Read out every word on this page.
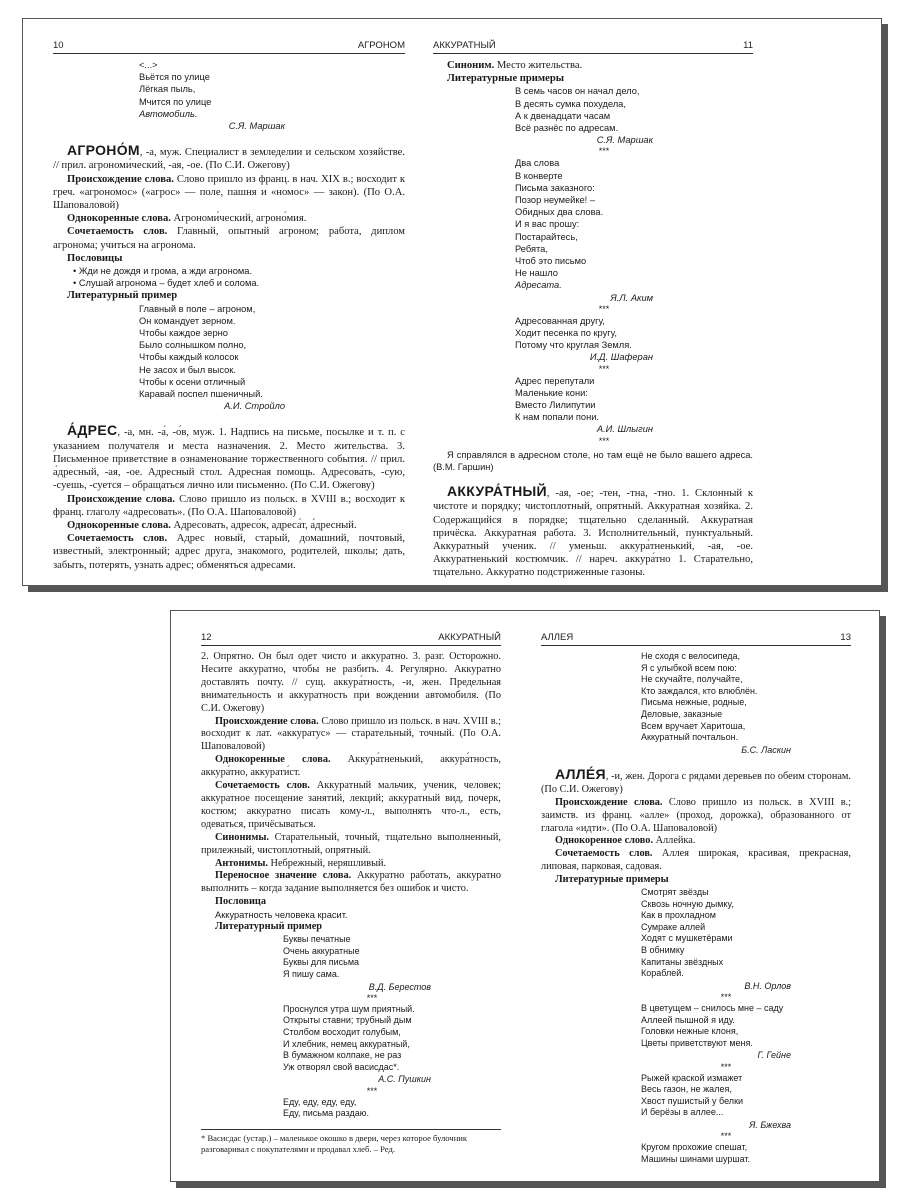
10	АГРОНОМ
<...>
Вьётся по улице
Лёгкая пыль,
Мчится по улице
Автомобиль.
С.Я. Маршак

АГРОНО́М, -а, муж. Специалист в земледелии и сельском хозяйстве. // прил. агрономи́ческий, -ая, -ое. (По С.И. Ожегову)

Происхождение слова. Слово пришло из франц. в нач. XIX в.; восходит к греч. «агрономос» («агрос» — поле, пашня и «номос» — закон). (По О.А. Шаповаловой)

Однокоренные слова. Агрономи́ческий, агроно́мия.

Сочетаемость слов. Главный, опытный агроном; работа, диплом агронома; учиться на агронома.

Пословицы

• Жди не дождя и грома, а жди агронома.
• Слушай агронома – будет хлеб и солома.

Литературный пример

Главный в поле – агроном,
Он командует зерном.
Чтобы каждое зерно
Было солнышком полно,
Чтобы каждый колосок
Не засох и был высок.
Чтобы к осени отличный
Каравай поспел пшеничный.
А.И. Стройло

А́ДРЕС, -а, мн. -а́, -о́в, муж. 1. Надпись на письме, посылке и т. п. с указанием получателя и места назначения. 2. Место жительства. 3. Письменное приветствие в ознаменование торжественного события. // прил. а́дресный, -ая, -ое. Адресный стол. Адресная помощь. Адресова́ть, -сую, -суешь, -суется – обращаться лично или письменно. (По С.И. Ожегову)

Происхождение слова. Слово пришло из польск. в XVIII в.; восходит к франц. глаголу «адресовать». (По О.А. Шаповаловой)

Однокоренные слова. Адресовать, адресо́к, адреса́т, а́дресный.

Сочетаемость слов. Адрес новый, старый, домашний, почтовый, известный, электронный; адрес друга, знакомого, родителей, школы; дать, забыть, потерять, узнать адрес; обменяться адресами.

АККУРАТНЫЙ	11

Синоним. Место жительства.

Литературные примеры

В семь часов он начал дело,
В десять сумка похудела,
А к двенадцати часам
Всё разнёс по адресам.
С.Я. Маршак
***
Два слова
В конверте
Письма заказного:
Позор неумейке! –
Обидных два слова.
И я вас прошу:
Постарайтесь,
Ребята,
Чтоб это письмо
Не нашло
Адресата.
Я.Л. Аким
***
Адресованная другу,
Ходит песенка по кругу,
Потому что круглая Земля.
И.Д. Шаферан
***
Адрес перепутали
Маленькие кони:
Вместо Лилипутии
К нам попали пони.
А.И. Шлыгин
***

Я справлялся в адресном столе, но там ещё не было вашего адреса. (В.М. Гаршин)

АККУРА́ТНЫЙ, -ая, -ое; -тен, -тна, -тно. 1. Склонный к чистоте и порядку; чистоплотный, опрятный. Аккуратная хозяйка. 2. Содержащийся в порядке; тщательно сделанный. Аккуратная причёска. Аккуратная работа. 3. Исполнительный, пунктуальный. Аккуратный ученик. // уменьш. аккура́тненький, -ая, -ое. Аккуратненький костюмчик. // нареч. аккура́тно 1. Старательно, тщательно. Аккуратно подстриженные газоны.

12	АККУРАТНЫЙ

2. Опрятно. Он был одет чисто и аккуратно. 3. разг. Осторожно. Несите аккуратно, чтобы не разбить. 4. Регулярно. Аккуратно доставлять почту. // сущ. аккура́тность, -и, жен. Предельная внимательность и аккуратность при вождении автомобиля. (По С.И. Ожегову)

Происхождение слова. Слово пришло из польск. в нач. XVIII в.; восходит к лат. «аккуратус» — старательный, точный. (По О.А. Шаповаловой)

Однокоренные слова. Аккура́тненький, аккура́тность, аккура́тно, аккурати́ст.

Сочетаемость слов. Аккуратный мальчик, ученик, человек; аккуратное посещение занятий, лекций; аккуратный вид, почерк, костюм; аккуратно писать кому-л., выполнять что-л., есть, одеваться, причёсываться.

Синонимы. Старательный, точный, тщательно выполненный, прилежный, чистоплотный, опрятный.

Антонимы. Небрежный, неряшливый.

Переносное значение слова. Аккуратно работать, аккуратно выполнить – когда задание выполняется без ошибок и чисто.

Пословица

Аккуратность человека красит.

Литературный пример

Буквы печатные
Очень аккуратные
Буквы для письма
Я пишу сама.
В.Д. Берестов
***
Проснулся утра шум приятный.
Открыты ставни; трубный дым
Столбом восходит голубым,
И хлебник, немец аккуратный,
В бумажном колпаке, не раз
Уж отворял свой васисдас*.
А.С. Пушкин
***
Еду, еду, еду, еду,
Еду, письма раздаю.
* Васисдас (устар.) – маленькое окошко в двери, через которое булочник разговаривал с покупателями и продавал хлеб. – Ред.
АЛЛЕЯ	13
Не сходя с велосипеда,
Я с улыбкой всем пою:
Не скучайте, получайте,
Кто заждался, кто влюблён.
Письма нежные, родные,
Деловые, заказные
Всем вручает Харитоша,
Аккуратный почтальон.
Б.С. Ласкин

АЛЛЕ́Я, -и, жен. Дорога с рядами деревьев по обеим сторонам. (По С.И. Ожегову)

Происхождение слова. Слово пришло из польск. в XVIII в.; заимств. из франц. «алле» (проход, дорожка), образованного от глагола «идти». (По О.А. Шаповаловой)

Однокоренное слово. Аллейка.

Сочетаемость слов. Аллея широкая, красивая, прекрасная, липовая, парковая, садовая.

Литературные примеры

Смотрят звёзды
Сквозь ночную дымку,
Как в прохладном
Сумраке аллей
Ходят с мушкетёрами
В обнимку
Капитаны звёздных
Кораблей.
В.Н. Орлов
***
В цветущем – снилось мне – саду
Аллеей пышной я иду.
Головки нежные клоня,
Цветы приветствуют меня.
Г. Гейне
***
Рыжей краской измажет
Весь газон, не жалея,
Хвост пушистый у белки
И берёзы в аллее...
Я. Бжехва
***
Кругом прохожие спешат,
Машины шинами шуршат.
